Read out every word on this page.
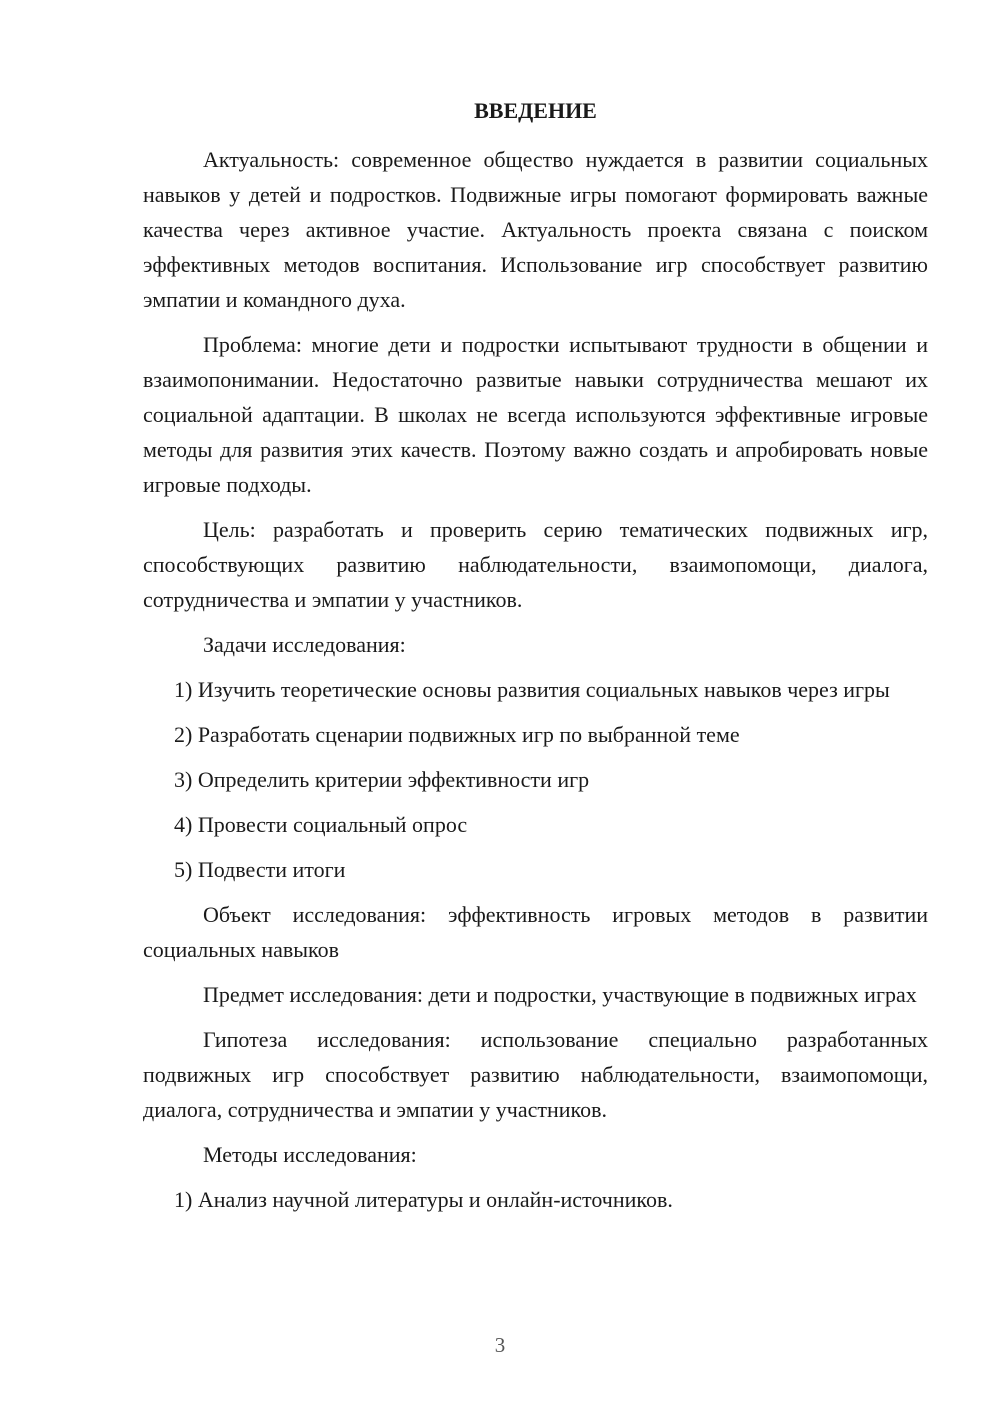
ВВЕДЕНИЕ

Актуальность: современное общество нуждается в развитии социальных навыков у детей и подростков. Подвижные игры помогают формировать важные качества через активное участие. Актуальность проекта связана с поиском эффективных методов воспитания. Использование игр способствует развитию эмпатии и командного духа.

Проблема: многие дети и подростки испытывают трудности в общении и взаимопонимании. Недостаточно развитые навыки сотрудничества мешают их социальной адаптации. В школах не всегда используются эффективные игровые методы для развития этих качеств. Поэтому важно создать и апробировать новые игровые подходы.

Цель: разработать и проверить серию тематических подвижных игр, способствующих развитию наблюдательности, взаимопомощи, диалога, сотрудничества и эмпатии у участников.

Задачи исследования:

1) Изучить теоретические основы развития социальных навыков через игры

2) Разработать сценарии подвижных игр по выбранной теме

3) Определить критерии эффективности игр

4) Провести социальный опрос

5) Подвести итоги

Объект исследования: эффективность игровых методов в развитии социальных навыков

Предмет исследования: дети и подростки, участвующие в подвижных играх

Гипотеза исследования: использование специально разработанных подвижных игр способствует развитию наблюдательности, взаимопомощи, диалога, сотрудничества и эмпатии у участников.

Методы исследования:

1) Анализ научной литературы и онлайн-источников.

3
